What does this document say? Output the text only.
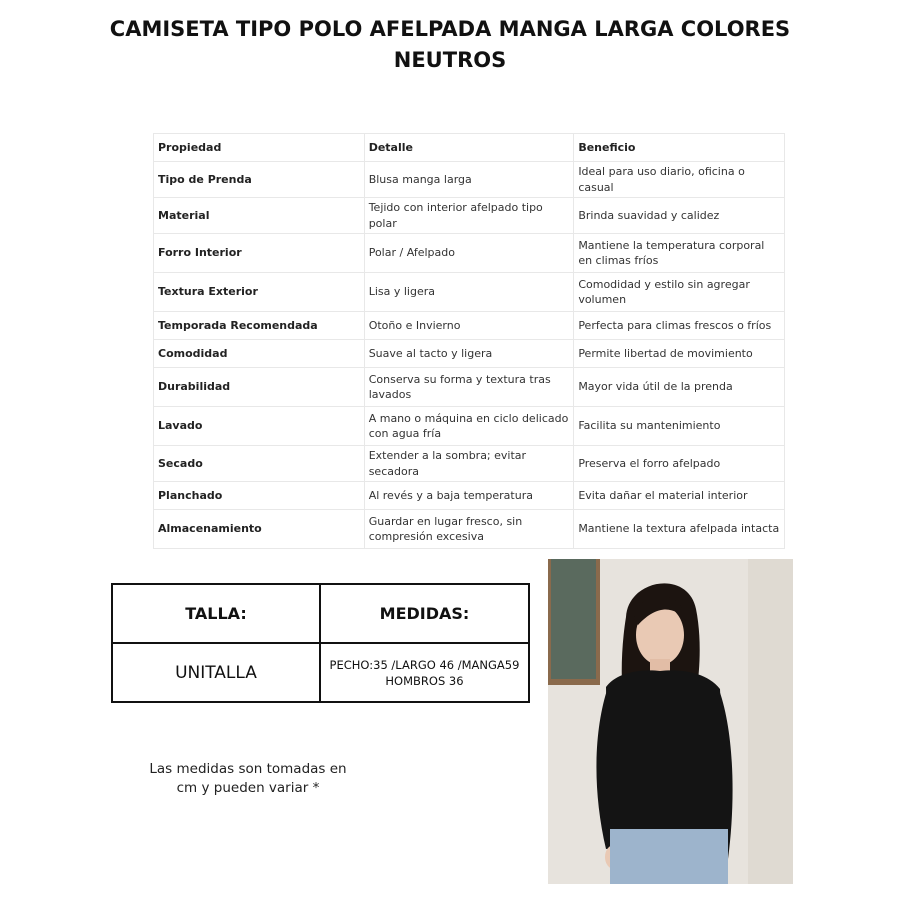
CAMISETA TIPO POLO AFELPADA MANGA LARGA COLORES
NEUTROS
Propiedad	Detalle	Beneficio
Tipo de Prenda	Blusa manga larga	Ideal para uso diario, oficina o casual
Material	Tejido con interior afelpado tipo polar	Brinda suavidad y calidez
Forro Interior	Polar / Afelpado	Mantiene la temperatura corporal en climas fríos
Textura Exterior	Lisa y ligera	Comodidad y estilo sin agregar volumen
Temporada Recomendada	Otoño e Invierno	Perfecta para climas frescos o fríos
Comodidad	Suave al tacto y ligera	Permite libertad de movimiento
Durabilidad	Conserva su forma y textura tras lavados	Mayor vida útil de la prenda
Lavado	A mano o máquina en ciclo delicado con agua fría	Facilita su mantenimiento
Secado	Extender a la sombra; evitar secadora	Preserva el forro afelpado
Planchado	Al revés y a baja temperatura	Evita dañar el material interior
Almacenamiento	Guardar en lugar fresco, sin compresión excesiva	Mantiene la textura afelpada intacta
TALLA:	MEDIDAS:
UNITALLA	PECHO:35 /LARGO 46 /MANGA59
HOMBROS 36
Las medidas son tomadas en
cm y pueden variar *
